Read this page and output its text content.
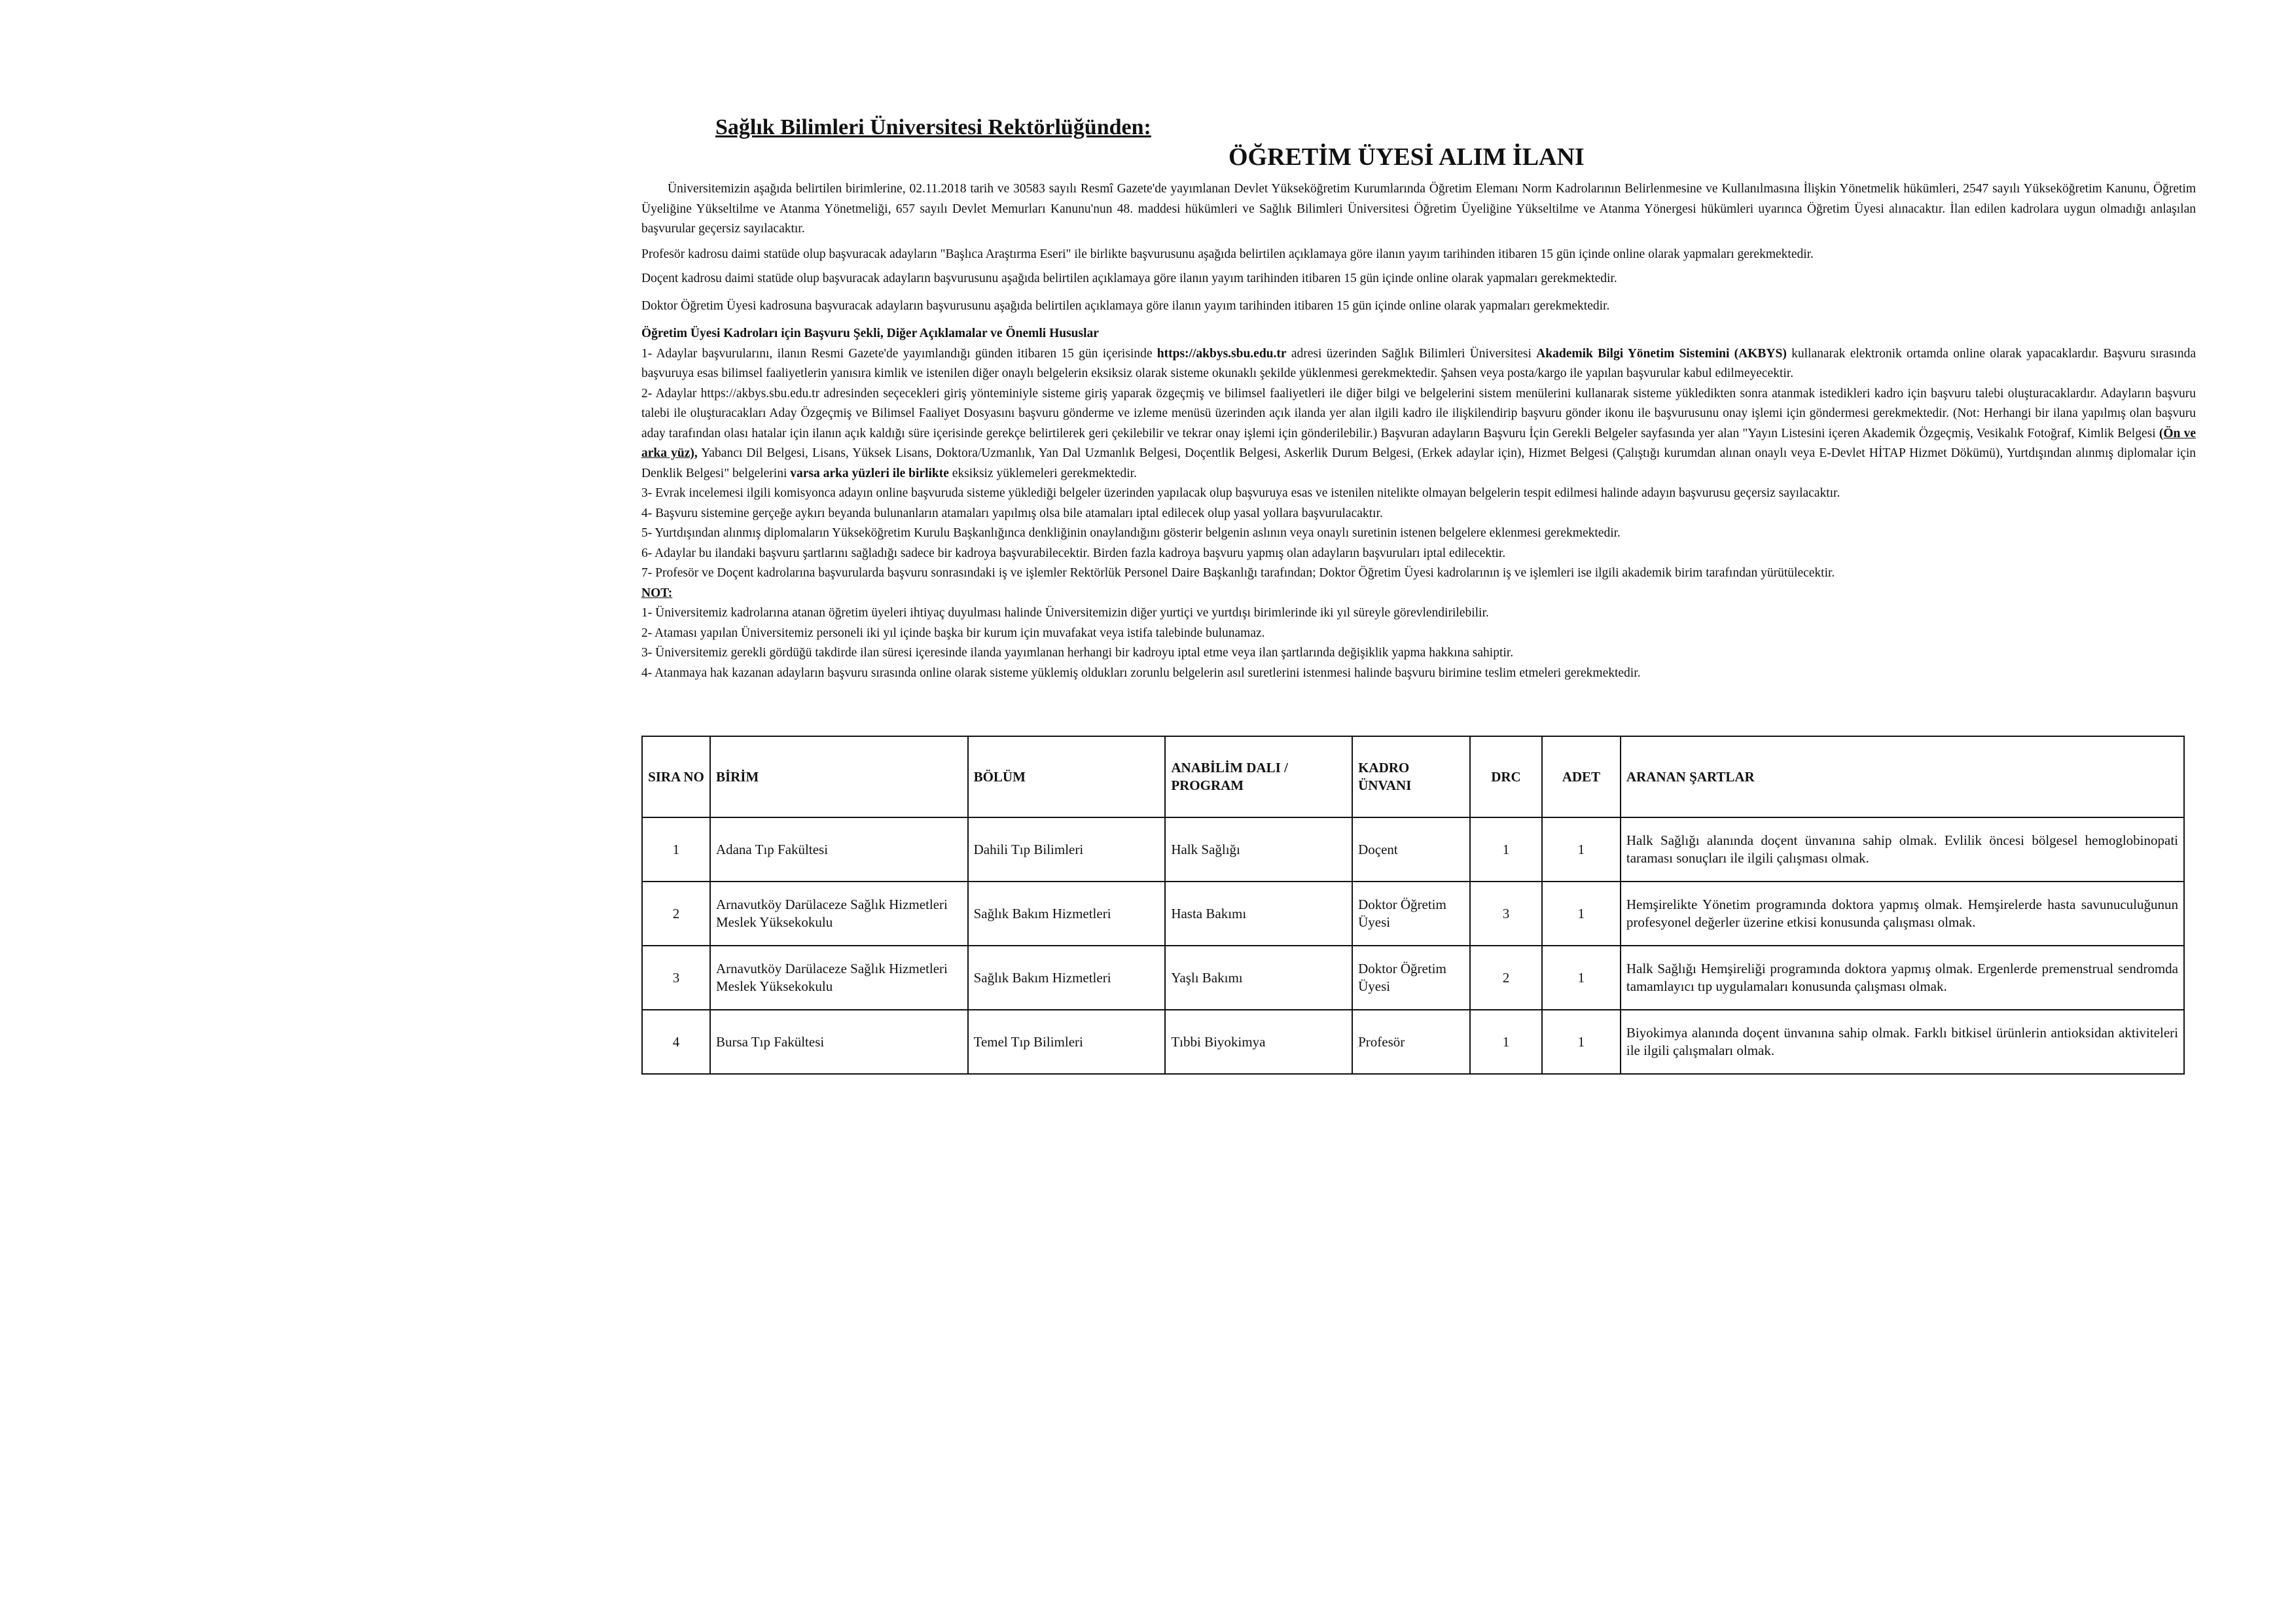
Sağlık Bilimleri Üniversitesi Rektörlüğünden:
ÖĞRETİM ÜYESİ ALIM İLANI
Üniversitemizin aşağıda belirtilen birimlerine, 02.11.2018 tarih ve 30583 sayılı Resmî Gazete'de yayımlanan Devlet Yükseköğretim Kurumlarında Öğretim Elemanı Norm Kadrolarının Belirlenmesine ve Kullanılmasına İlişkin Yönetmelik hükümleri, 2547 sayılı Yükseköğretim Kanunu, Öğretim Üyeliğine Yükseltilme ve Atanma Yönetmeliği, 657 sayılı Devlet Memurları Kanunu'nun 48. maddesi hükümleri ve Sağlık Bilimleri Üniversitesi Öğretim Üyeliğine Yükseltilme ve Atanma Yönergesi hükümleri uyarınca Öğretim Üyesi alınacaktır. İlan edilen kadrolara uygun olmadığı anlaşılan başvurular geçersiz sayılacaktır.
Profesör kadrosu daimi statüde olup başvuracak adayların "Başlıca Araştırma Eseri" ile birlikte başvurusunu aşağıda belirtilen açıklamaya göre ilanın yayım tarihinden itibaren 15 gün içinde online olarak yapmaları gerekmektedir.
Doçent kadrosu daimi statüde olup başvuracak adayların başvurusunu aşağıda belirtilen açıklamaya göre ilanın yayım tarihinden itibaren 15 gün içinde online olarak yapmaları gerekmektedir.
Doktor Öğretim Üyesi kadrosuna başvuracak adayların başvurusunu aşağıda belirtilen açıklamaya göre ilanın yayım tarihinden itibaren 15 gün içinde online olarak yapmaları gerekmektedir.

Öğretim Üyesi Kadroları için Başvuru Şekli, Diğer Açıklamalar ve Önemli Hususlar

1- Adaylar başvurularını, ilanın Resmi Gazete'de yayımlandığı günden itibaren 15 gün içerisinde https://akbys.sbu.edu.tr adresi üzerinden Sağlık Bilimleri Üniversitesi Akademik Bilgi Yönetim Sistemini (AKBYS) kullanarak elektronik ortamda online olarak yapacaklardır. Başvuru sırasında başvuruya esas bilimsel faaliyetlerin yanısıra kimlik ve istenilen diğer onaylı belgelerin eksiksiz olarak sisteme okunaklı şekilde yüklenmesi gerekmektedir. Şahsen veya posta/kargo ile yapılan başvurular kabul edilmeyecektir.

2- Adaylar https://akbys.sbu.edu.tr adresinden seçecekleri giriş yönteminiyle sisteme giriş yaparak özgeçmiş ve bilimsel faaliyetleri ile diğer bilgi ve belgelerini sistem menülerini kullanarak sisteme yükledikten sonra atanmak istedikleri kadro için başvuru talebi oluşturacaklardır. Adayların başvuru talebi ile oluşturacakları Aday Özgeçmiş ve Bilimsel Faaliyet Dosyasını başvuru gönderme ve izleme menüsü üzerinden açık ilanda yer alan ilgili kadro ile ilişkilendirip başvuru gönder ikonu ile başvurusunu onay işlemi için göndermesi gerekmektedir. (Not: Herhangi bir ilana yapılmış olan başvuru aday tarafından olası hatalar için ilanın açık kaldığı süre içerisinde gerekçe belirtilerek geri çekilebilir ve tekrar onay işlemi için gönderilebilir.) Başvuran adayların Başvuru İçin Gerekli Belgeler sayfasında yer alan "Yayın Listesini içeren Akademik Özgeçmiş, Vesikalık Fotoğraf, Kimlik Belgesi (Ön ve arka yüz), Yabancı Dil Belgesi, Lisans, Yüksek Lisans, Doktora/Uzmanlık, Yan Dal Uzmanlık Belgesi, Doçentlik Belgesi, Askerlik Durum Belgesi, (Erkek adaylar için), Hizmet Belgesi (Çalıştığı kurumdan alınan onaylı veya E-Devlet HİTAP Hizmet Dökümü), Yurtdışından alınmış diplomalar için Denklik Belgesi" belgelerini varsa arka yüzleri ile birlikte eksiksiz yüklemeleri gerekmektedir.

3- Evrak incelemesi ilgili komisyonca adayın online başvuruda sisteme yüklediği belgeler üzerinden yapılacak olup başvuruya esas ve istenilen nitelikte olmayan belgelerin tespit edilmesi halinde adayın başvurusu geçersiz sayılacaktır.

4- Başvuru sistemine gerçeğe aykırı beyanda bulunanların atamaları yapılmış olsa bile atamaları iptal edilecek olup yasal yollara başvurulacaktır.

5- Yurtdışından alınmış diplomaların Yükseköğretim Kurulu Başkanlığınca denkliğinin onaylandığını gösterir belgenin aslının veya onaylı suretinin istenen belgelere eklenmesi gerekmektedir.

6- Adaylar bu ilandaki başvuru şartlarını sağladığı sadece bir kadroya başvurabilecektir. Birden fazla kadroya başvuru yapmış olan adayların başvuruları iptal edilecektir.

7- Profesör ve Doçent kadrolarına başvurularda başvuru sonrasındaki iş ve işlemler Rektörlük Personel Daire Başkanlığı tarafından; Doktor Öğretim Üyesi kadrolarının iş ve işlemleri ise ilgili akademik birim tarafından yürütülecektir.

NOT:

1- Üniversitemiz kadrolarına atanan öğretim üyeleri ihtiyaç duyulması halinde Üniversitemizin diğer yurtiçi ve yurtdışı birimlerinde iki yıl süreyle görevlendirilebilir.

2- Ataması yapılan Üniversitemiz personeli iki yıl içinde başka bir kurum için muvafakat veya istifa talebinde bulunamaz.

3- Üniversitemiz gerekli gördüğü takdirde ilan süresi içeresinde ilanda yayımlanan herhangi bir kadroyu iptal etme veya ilan şartlarında değişiklik yapma hakkına sahiptir.

4- Atanmaya hak kazanan adayların başvuru sırasında online olarak sisteme yüklemiş oldukları zorunlu belgelerin asıl suretlerini istenmesi halinde başvuru birimine teslim etmeleri gerekmektedir.

SIRA NO	BİRİM	BÖLÜM	ANABİLİM DALI / PROGRAM	KADRO ÜNVANI	DRC	ADET	ARANAN ŞARTLAR
1	Adana Tıp Fakültesi	Dahili Tıp Bilimleri	Halk Sağlığı	Doçent	1	1	Halk Sağlığı alanında doçent ünvanına sahip olmak. Evlilik öncesi bölgesel hemoglobinopati taraması sonuçları ile ilgili çalışması olmak.
2	Arnavutköy Darülaceze Sağlık Hizmetleri Meslek Yüksekokulu	Sağlık Bakım Hizmetleri	Hasta Bakımı	Doktor Öğretim Üyesi	3	1	Hemşirelikte Yönetim programında doktora yapmış olmak. Hemşirelerde hasta savunuculuğunun profesyonel değerler üzerine etkisi konusunda çalışması olmak.
3	Arnavutköy Darülaceze Sağlık Hizmetleri Meslek Yüksekokulu	Sağlık Bakım Hizmetleri	Yaşlı Bakımı	Doktor Öğretim Üyesi	2	1	Halk Sağlığı Hemşireliği programında doktora yapmış olmak. Ergenlerde premenstrual sendromda tamamlayıcı tıp uygulamaları konusunda çalışması olmak.
4	Bursa Tıp Fakültesi	Temel Tıp Bilimleri	Tıbbi Biyokimya	Profesör	1	1	Biyokimya alanında doçent ünvanına sahip olmak. Farklı bitkisel ürünlerin antioksidan aktiviteleri ile ilgili çalışmaları olmak.
